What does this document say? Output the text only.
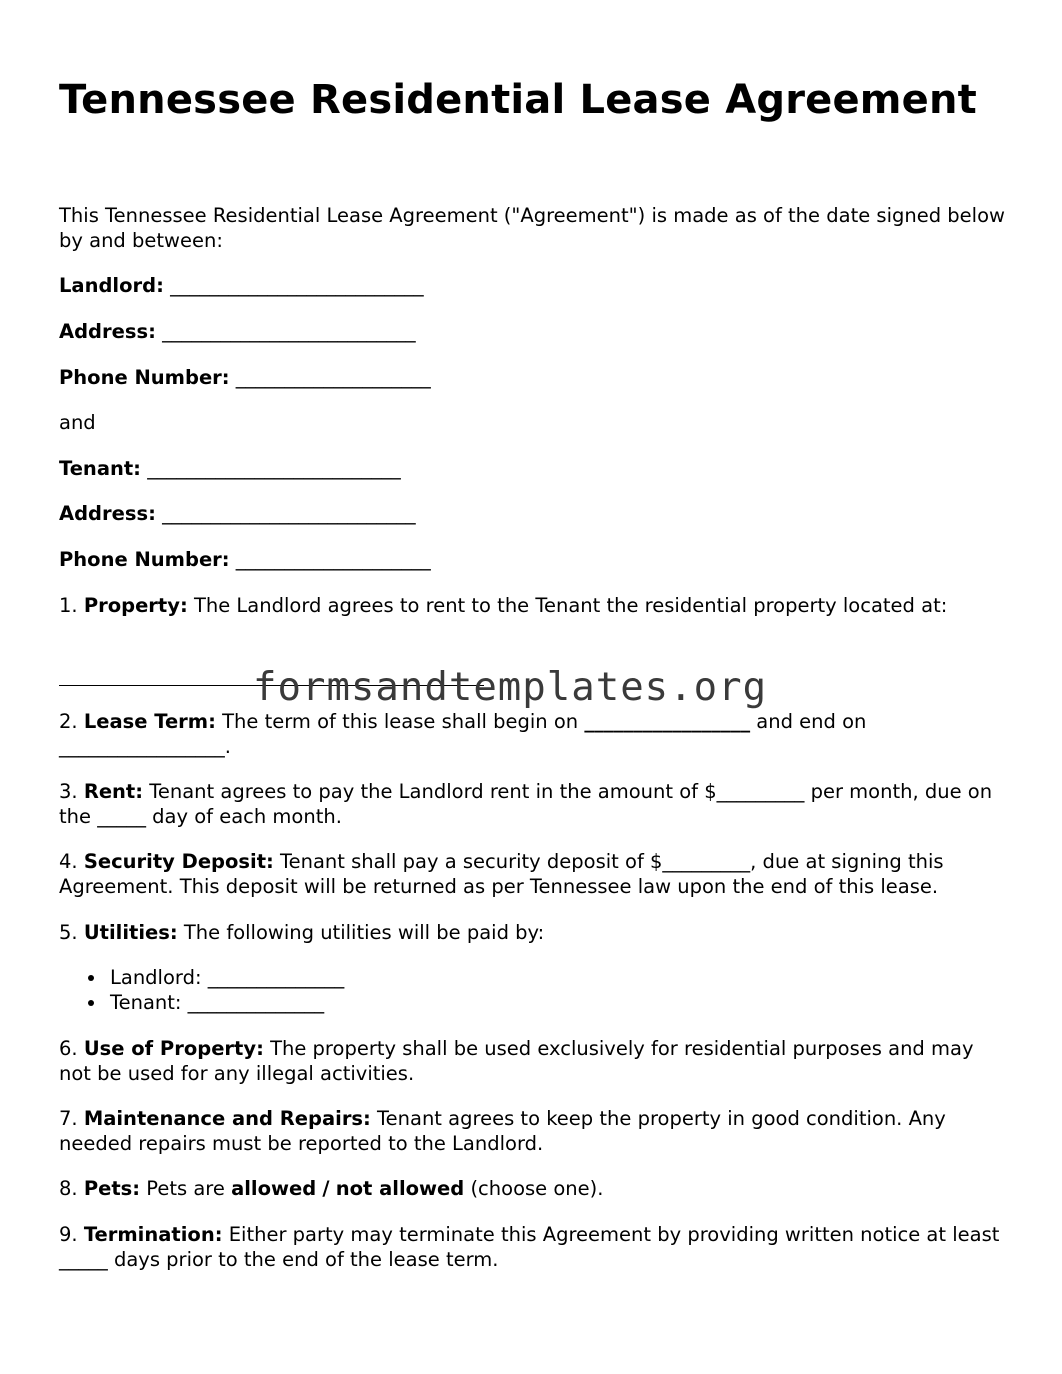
Tennessee Residential Lease Agreement

This Tennessee Residential Lease Agreement ("Agreement") is made as of the date signed below by and between:

Landlord: __________________________
Address: __________________________
Phone Number: ____________________
and
Tenant: __________________________
Address: __________________________
Phone Number: ____________________
1. Property: The Landlord agrees to rent to the Tenant the residential property located at:
2. Lease Term: The term of this lease shall begin on _________________ and end on _________________.
3. Rent: Tenant agrees to pay the Landlord rent in the amount of $_________ per month, due on the _____ day of each month.
4. Security Deposit: Tenant shall pay a security deposit of $_________, due at signing this Agreement. This deposit will be returned as per Tennessee law upon the end of this lease.
5. Utilities: The following utilities will be paid by:
Landlord: ______________
Tenant: ______________
6. Use of Property: The property shall be used exclusively for residential purposes and may not be used for any illegal activities.
7. Maintenance and Repairs: Tenant agrees to keep the property in good condition. Any needed repairs must be reported to the Landlord.
8. Pets: Pets are allowed / not allowed (choose one).
9. Termination: Either party may terminate this Agreement by providing written notice at least _____ days prior to the end of the lease term.
formsandtemplates.org
